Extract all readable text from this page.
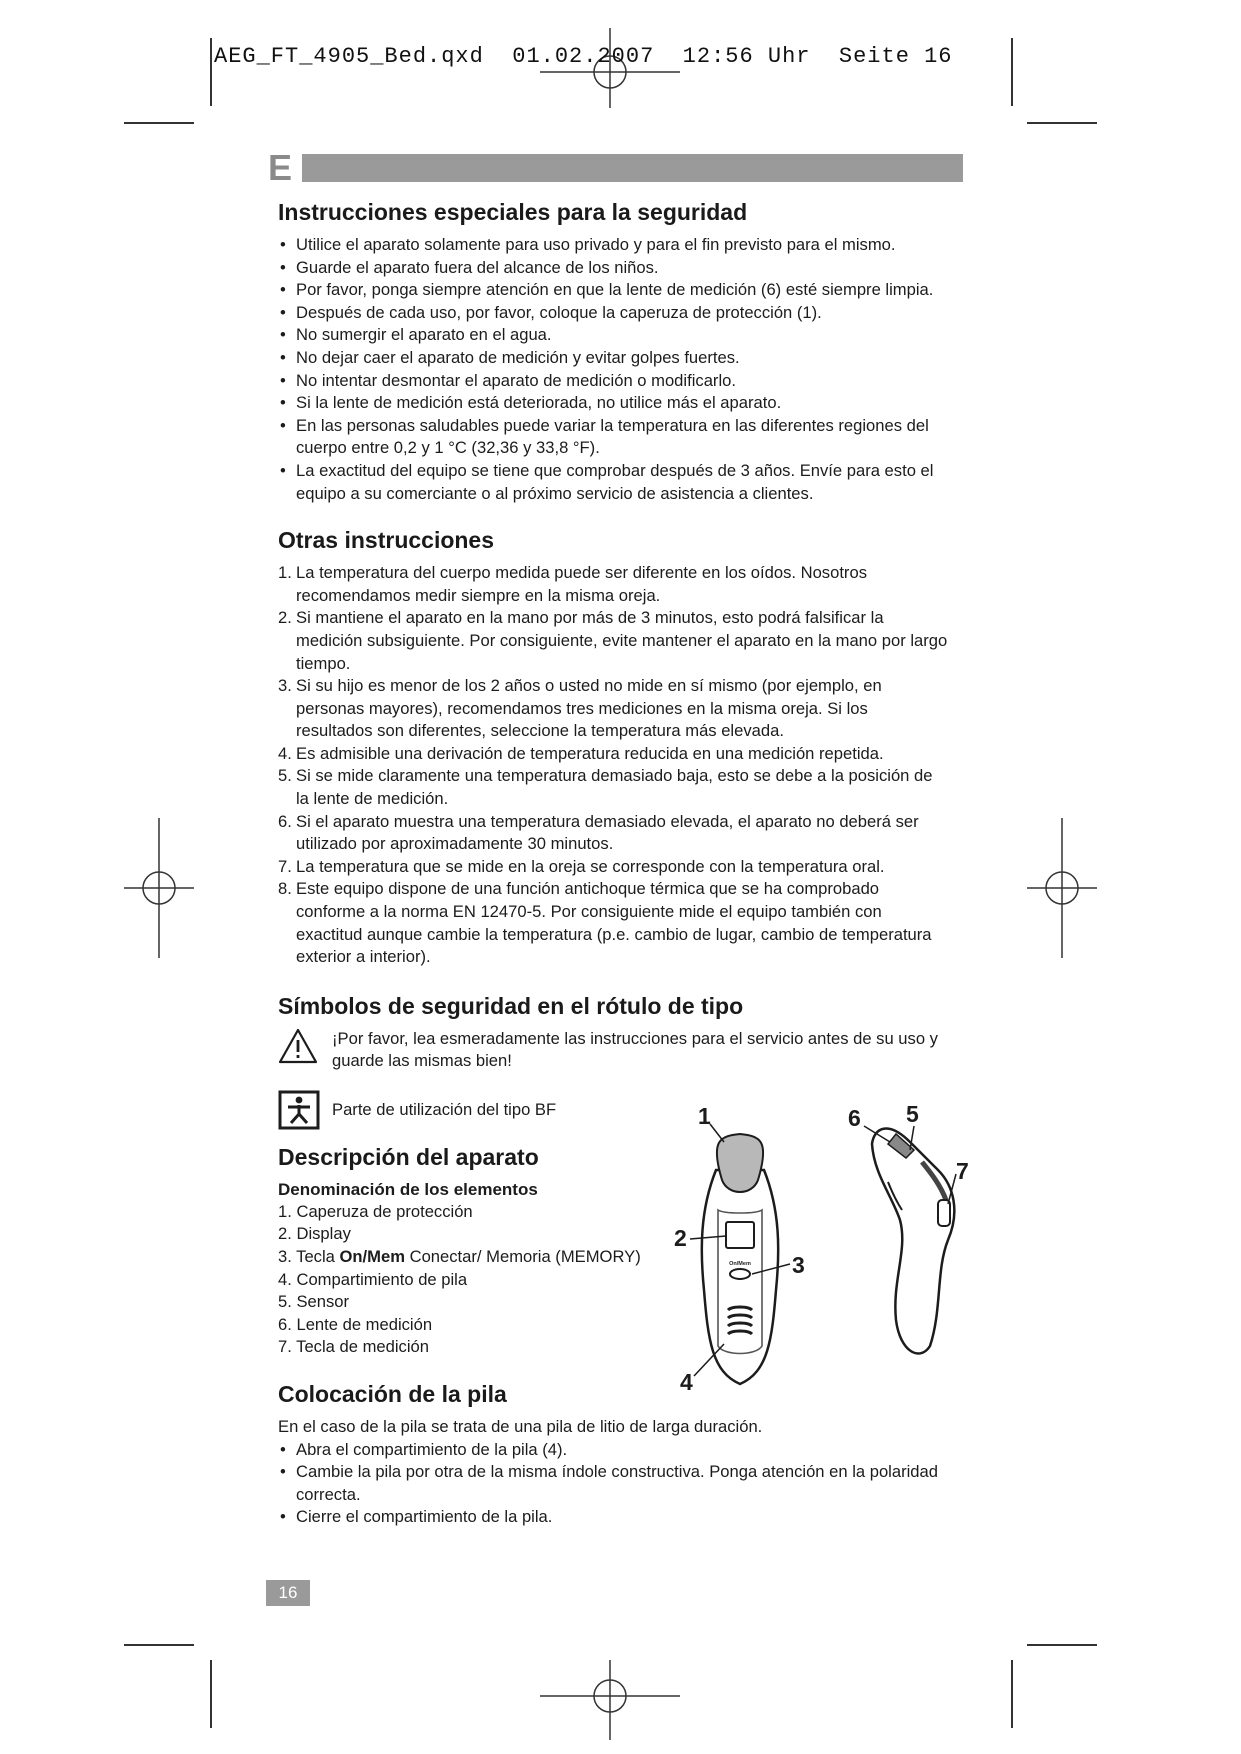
AEG_FT_4905_Bed.qxd  01.02.2007  12:56 Uhr  Seite 16
E
Instrucciones especiales para la seguridad
• Utilice el aparato solamente para uso privado y para el fin previsto para el mismo.
• Guarde el aparato fuera del alcance de los niños.
• Por favor, ponga siempre atención en que la lente de medición (6) esté siempre limpia.
• Después de cada uso, por favor, coloque la caperuza de protección (1).
• No sumergir el aparato en el agua.
• No dejar caer el aparato de medición y evitar golpes fuertes.
• No intentar desmontar el aparato de medición o modificarlo.
• Si la lente de medición está deteriorada, no utilice más el aparato.
• En las personas saludables puede variar la temperatura en las diferentes regiones del cuerpo entre 0,2 y 1 °C (32,36 y 33,8 °F).
• La exactitud del equipo se tiene que comprobar después de 3 años. Envíe para esto el equipo a su comerciante o al próximo servicio de asistencia a clientes.
Otras instrucciones
1. La temperatura del cuerpo medida puede ser diferente en los oídos. Nosotros recomendamos medir siempre en la misma oreja.
2. Si mantiene el aparato en la mano por más de 3 minutos, esto podrá falsificar la medición subsiguiente. Por consiguiente, evite mantener el aparato en la mano por largo tiempo.
3. Si su hijo es menor de los 2 años o usted no mide en sí mismo (por ejemplo, en personas mayores), recomendamos tres mediciones en la misma oreja. Si los resultados son diferentes, seleccione la temperatura más elevada.
4. Es admisible una derivación de temperatura reducida en una medición repetida.
5. Si se mide claramente una temperatura demasiado baja, esto se debe a la posición de la lente de medición.
6. Si el aparato muestra una temperatura demasiado elevada, el aparato no deberá ser utilizado por aproximadamente 30 minutos.
7. La temperatura que se mide en la oreja se corresponde con la temperatura oral.
8. Este equipo dispone de una función antichoque térmica que se ha comprobado conforme a la norma EN 12470-5. Por consiguiente mide el equipo también con exactitud aunque cambie la temperatura (p.e. cambio de lugar, cambio de temperatura exterior a interior).
Símbolos de seguridad en el rótulo de tipo
¡Por favor, lea esmeradamente las instrucciones para el servicio antes de su uso y guarde las mismas bien!
Parte de utilización del tipo BF
Descripción del aparato
Denominación de los elementos
1. Caperuza de protección
2. Display
3. Tecla On/Mem Conectar/ Memoria (MEMORY)
4. Compartimiento de pila
5. Sensor
6. Lente de medición
7. Tecla de medición
Colocación de la pila

En el caso de la pila se trata de una pila de litio de larga duración.

• Abra el compartimiento de la pila (4).
• Cambie la pila por otra de la misma índole constructiva. Ponga atención en la polaridad correcta.
• Cierre el compartimiento de la pila.
On/Mem
1
2
3
4
5
6
7
16
